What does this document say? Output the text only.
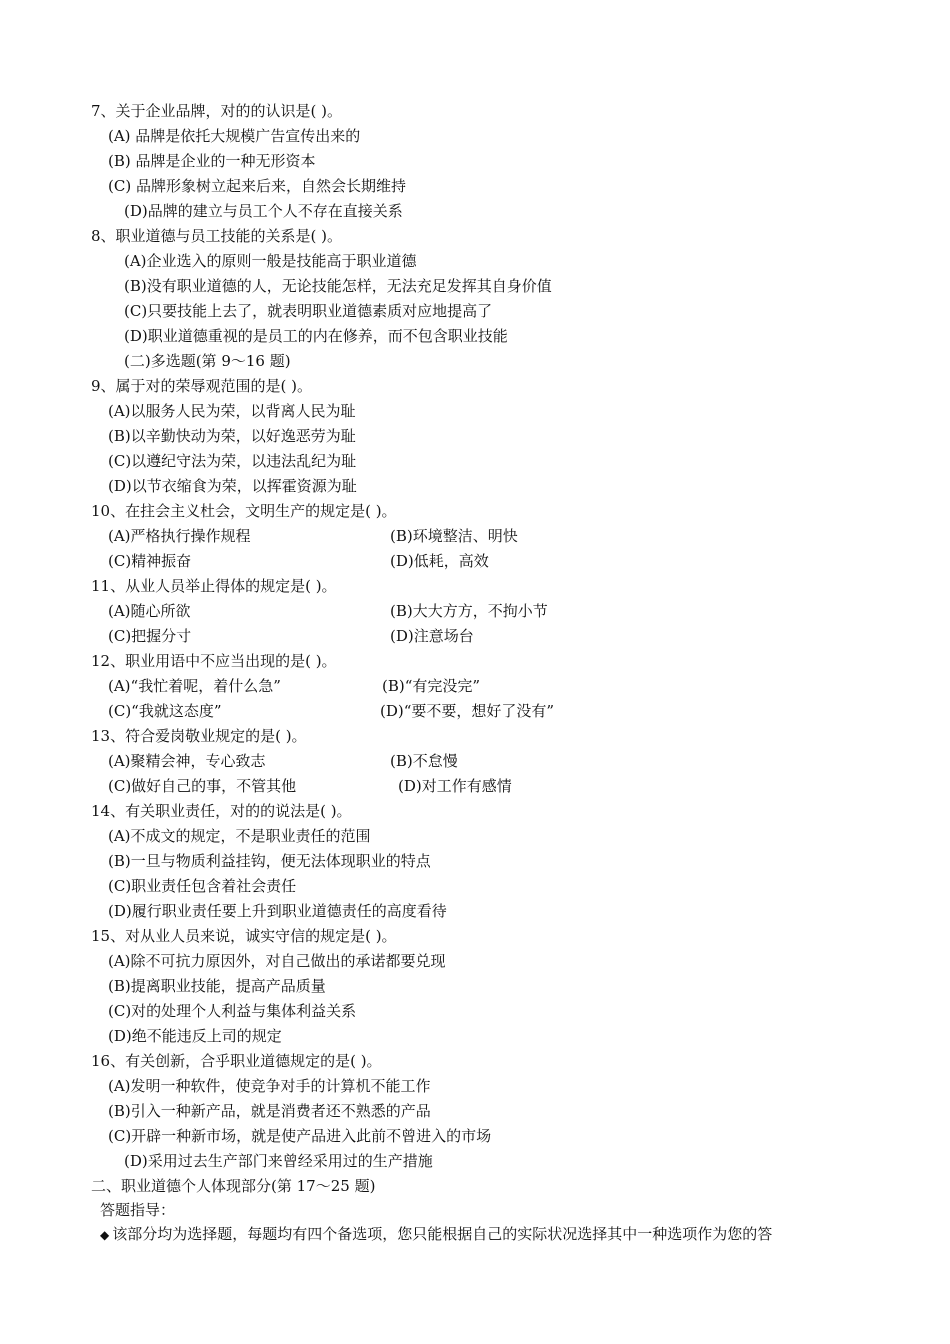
7、关于企业品牌，对的的认识是( )。
(A) 品牌是依托大规模广告宣传出来的
(B) 品牌是企业的一种无形资本
(C) 品牌形象树立起来后来，自然会长期维持
(D)品牌的建立与员工个人不存在直接关系
8、职业道德与员工技能的关系是( )。
(A)企业选入的原则一般是技能高于职业道德
(B)没有职业道德的人，无论技能怎样，无法充足发挥其自身价值
(C)只要技能上去了，就表明职业道德素质对应地提高了
(D)职业道德重视的是员工的内在修养，而不包含职业技能
(二)多选题(第 9～16 题)
9、属于对的荣辱观范围的是( )。
(A)以服务人民为荣，以背离人民为耻
(B)以辛勤快动为荣，以好逸恶劳为耻
(C)以遵纪守法为荣，以违法乱纪为耻
(D)以节衣缩食为荣，以挥霍资源为耻
10、在拄会主义杜会，文明生产的规定是( )。
(A)严格执行操作规程	(B)环境整洁、明快
(C)精神振奋	(D)低耗，高效
11、从业人员举止得体的规定是( )。
(A)随心所欲	(B)大大方方，不拘小节
(C)把握分寸	(D)注意场台
12、职业用语中不应当出现的是( )。
(A)“我忙着呢，着什么急”	(B)“有完没完”
(C)“我就这态度”	(D)“要不要，想好了没有”
13、符合爱岗敬业规定的是( )。
(A)聚精会神，专心致志	(B)不怠慢
(C)做好自己的事，不管其他	(D)对工作有感情
14、有关职业责任，对的的说法是( )。
(A)不成文的规定，不是职业责任的范围
(B)一旦与物质利益挂钩，便无法体现职业的特点
(C)职业责任包含着社会责任
(D)履行职业责任要上升到职业道德责任的高度看待
15、对从业人员来说，诚实守信的规定是( )。
(A)除不可抗力原因外，对自己做出的承诺都要兑现
(B)提离职业技能，提高产品质量
(C)对的处理个人利益与集体利益关系
(D)绝不能违反上司的规定
16、有关创新，合乎职业道德规定的是( )。
(A)发明一种软件，使竞争对手的计算机不能工作
(B)引入一种新产品，就是消费者还不熟悉的产品
(C)开辟一种新市场，就是使产品进入此前不曾进入的市场
(D)采用过去生产部门来曾经采用过的生产措施
二、职业道德个人体现部分(第 17～25 题)
答题指导：
◆ 该部分均为选择题，每题均有四个备选项，您只能根据自己的实际状况选择其中一种选项作为您的答
